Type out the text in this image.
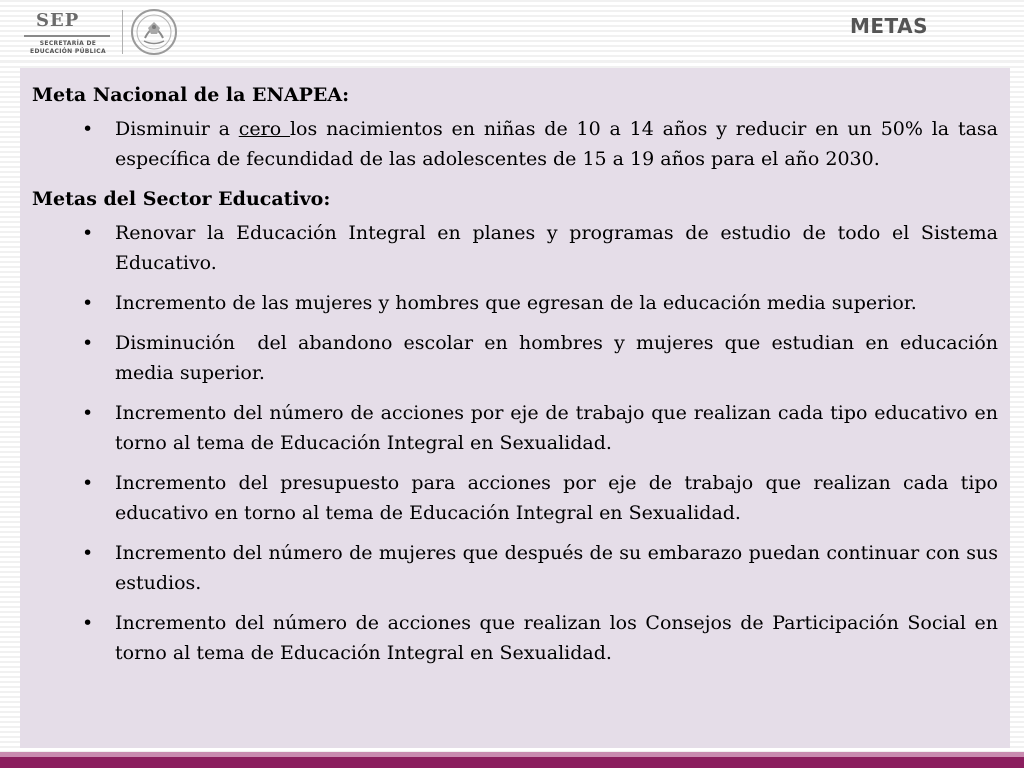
SEP
SECRETARÍA DE
EDUCACIÓN PÚBLICA
METAS

Meta Nacional de la ENAPEA:

• Disminuir a cero los nacimientos en niñas de 10 a 14 años y reducir en un 50% la tasa específica de fecundidad de las adolescentes de 15 a 19 años para el año 2030.

Metas del Sector Educativo:

• Renovar la Educación Integral en planes y programas de estudio de todo el Sistema Educativo.
• Incremento de las mujeres y hombres que egresan de la educación media superior.
• Disminución  del abandono escolar en hombres y mujeres que estudian en educación media superior.
• Incremento del número de acciones por eje de trabajo que realizan cada tipo educativo en torno al tema de Educación Integral en Sexualidad.
• Incremento del presupuesto para acciones por eje de trabajo que realizan cada tipo educativo en torno al tema de Educación Integral en Sexualidad.
• Incremento del número de mujeres que después de su embarazo puedan continuar con sus estudios.
• Incremento del número de acciones que realizan los Consejos de Participación Social en torno al tema de Educación Integral en Sexualidad.
